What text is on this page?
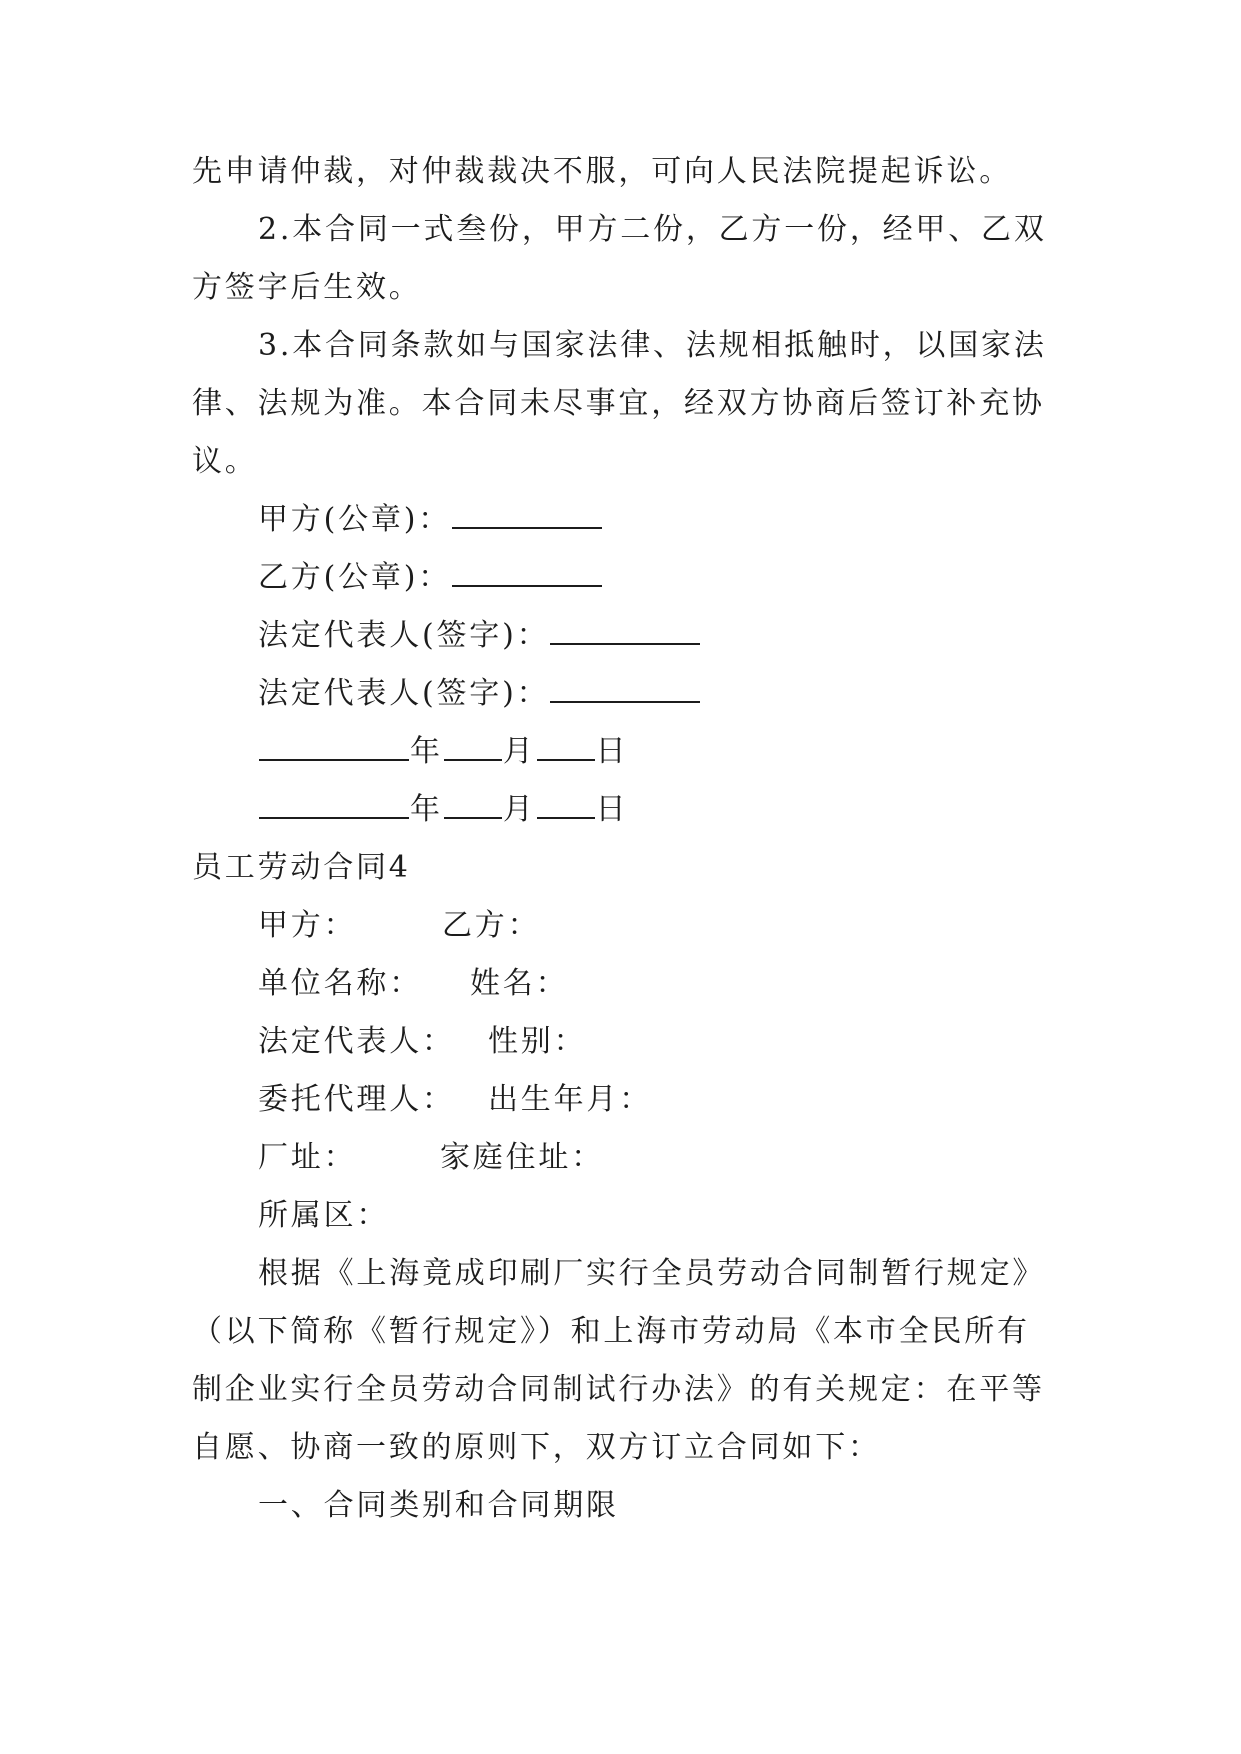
先申请仲裁，对仲裁裁决不服，可向人民法院提起诉讼。
2.本合同一式叁份，甲方二份，乙方一份，经甲、乙双
方签字后生效。
3.本合同条款如与国家法律、法规相抵触时，以国家法
律、法规为准。本合同未尽事宜，经双方协商后签订补充协
议。
甲方(公章)：
乙方(公章)：
法定代表人(签字)：
法定代表人(签字)：
年 月 日
年 月 日
员工劳动合同4
甲方：	乙方：
单位名称： 姓名：
法定代表人： 性别：
委托代理人： 出生年月：
厂址：	家庭住址：
所属区：
根据《上海竟成印刷厂实行全员劳动合同制暂行规定》
（以下简称《暂行规定》）和上海市劳动局《本市全民所有
制企业实行全员劳动合同制试行办法》的有关规定：在平等
自愿、协商一致的原则下，双方订立合同如下：
一、合同类别和合同期限
